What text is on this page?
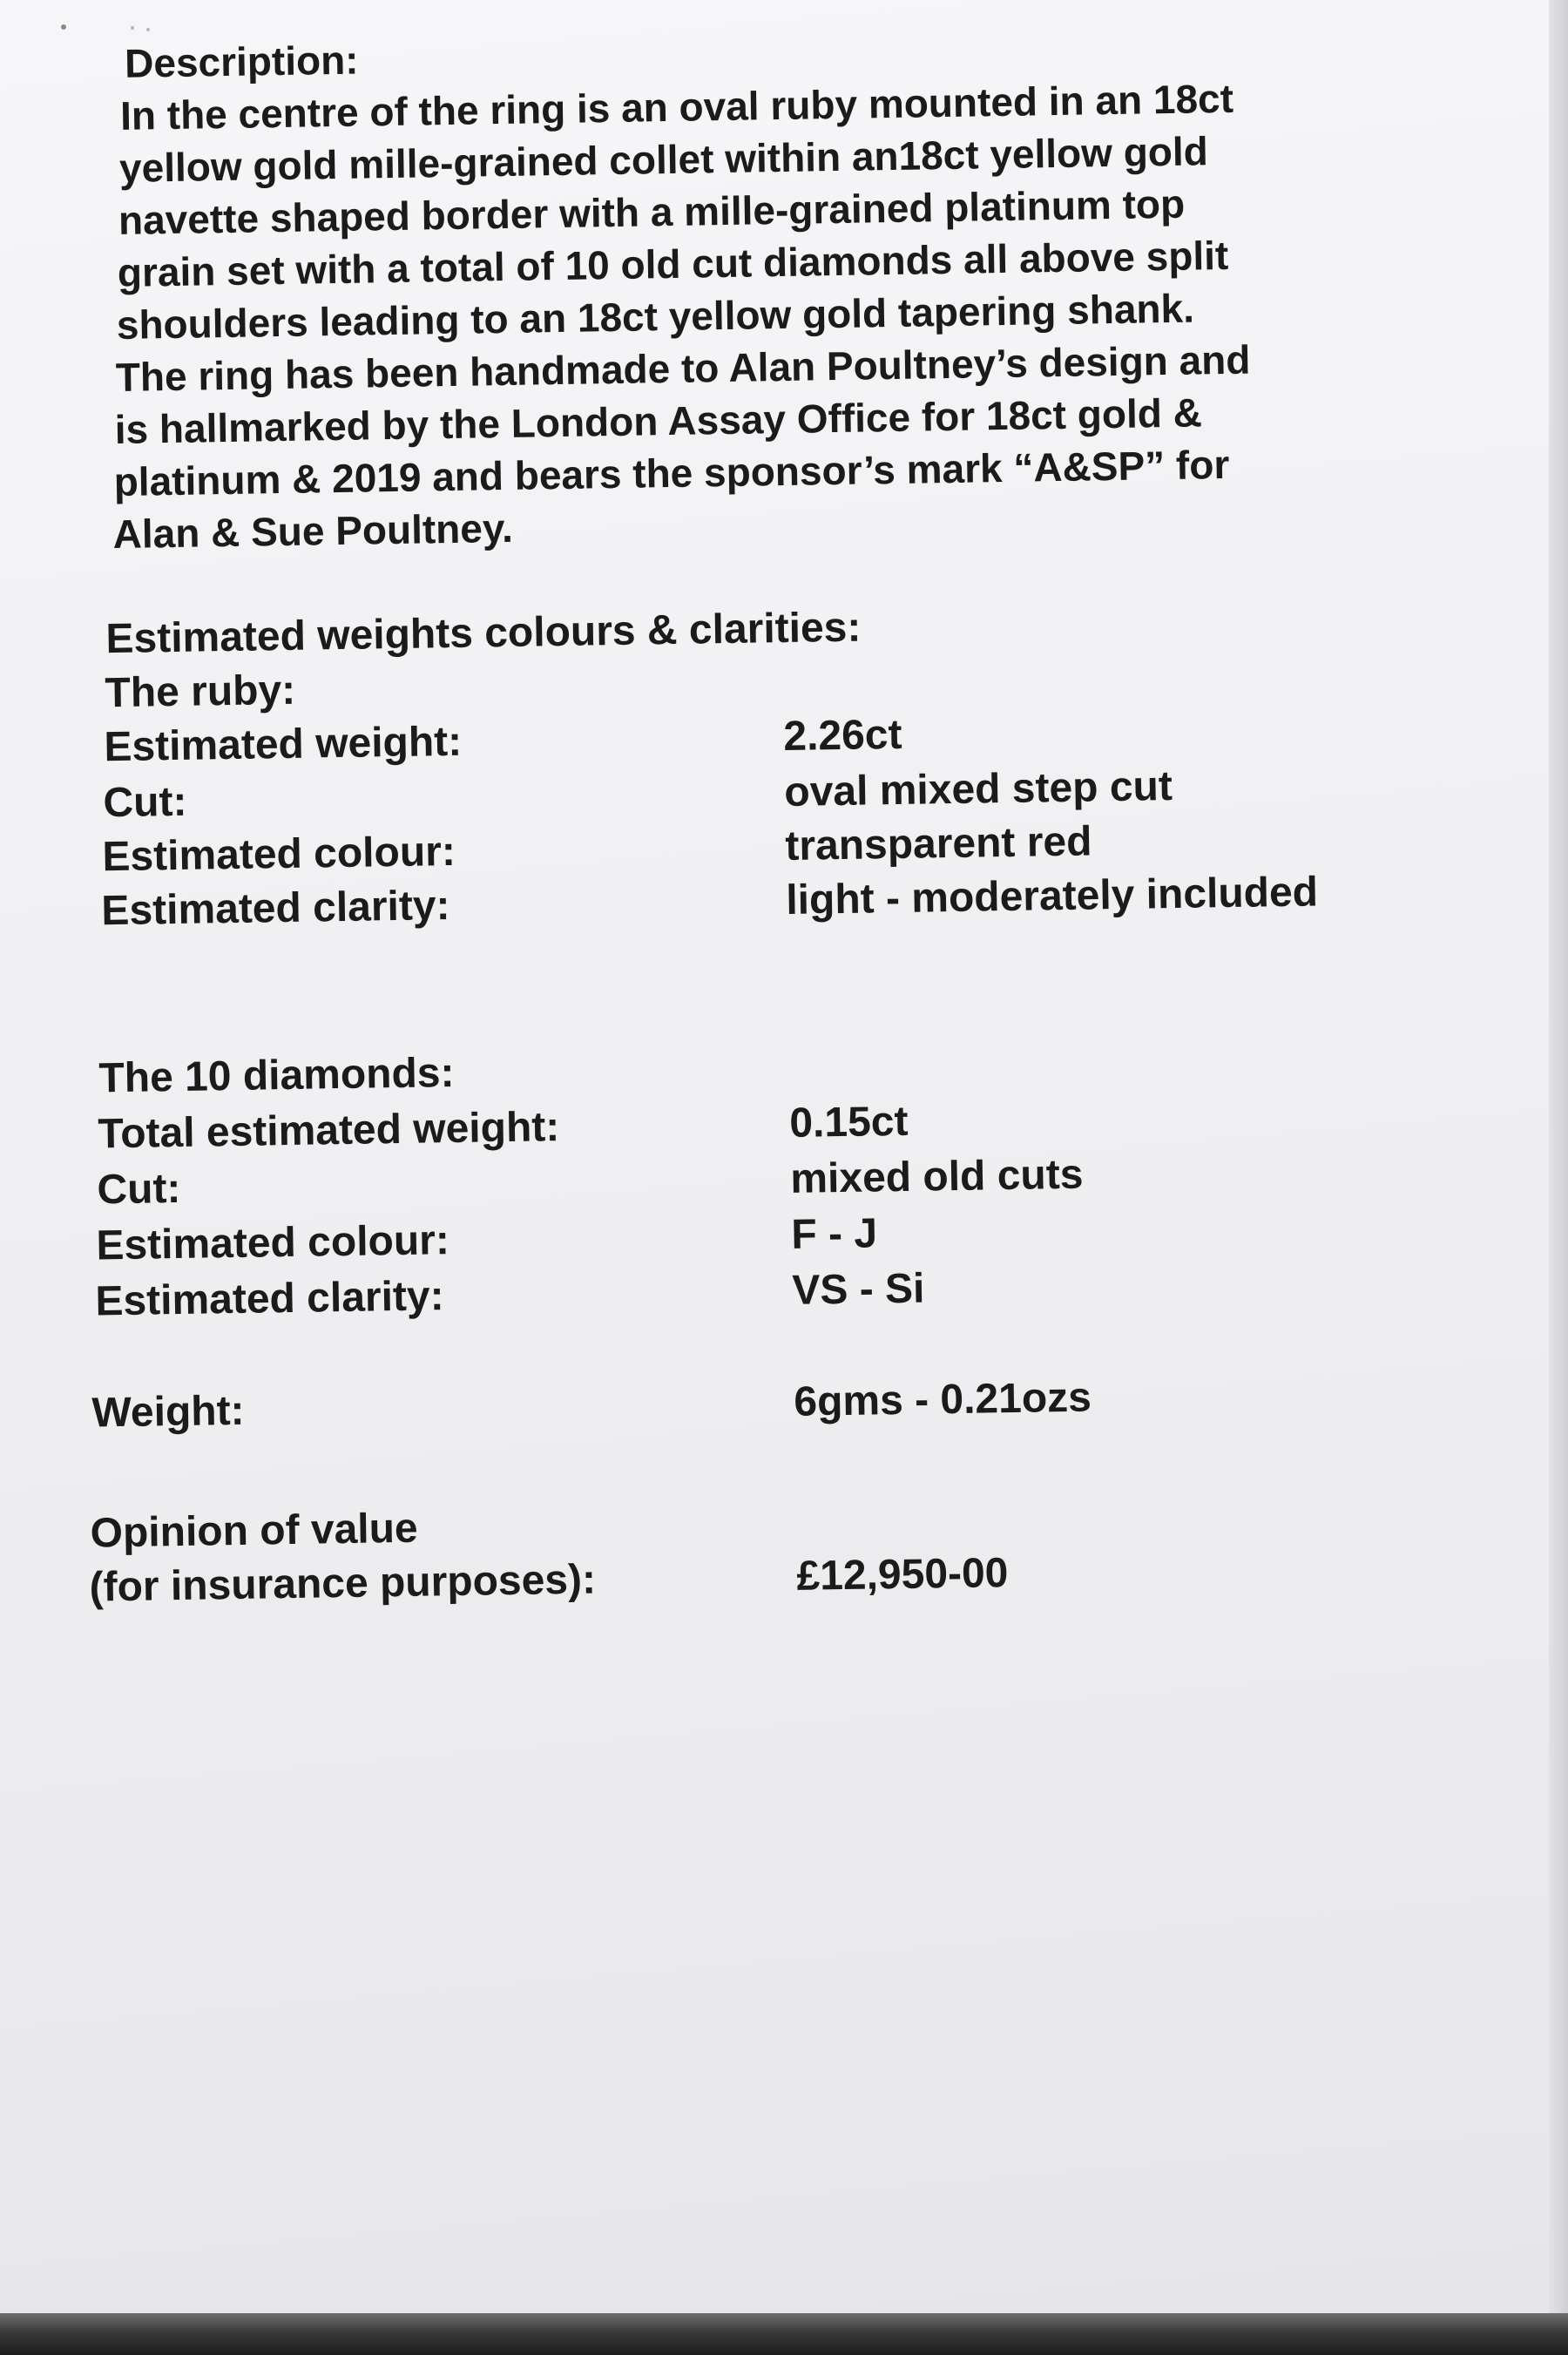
Description:
In the centre of the ring is an oval ruby mounted in an 18ct
yellow gold mille-grained collet within an18ct yellow gold
navette shaped border with a mille-grained platinum top
grain set with a total of 10 old cut diamonds all above split
shoulders leading to an 18ct yellow gold tapering shank.
The ring has been handmade to Alan Poultney’s design and
is hallmarked by the London Assay Office for 18ct gold &
platinum & 2019 and bears the sponsor’s mark “A&SP” for
Alan & Sue Poultney.
Estimated weights colours & clarities:
The ruby:
Estimated weight:	2.26ct
Cut:	oval mixed step cut
Estimated colour:	transparent red
Estimated clarity:	light - moderately included
The 10 diamonds:
Total estimated weight:	0.15ct
Cut:	mixed old cuts
Estimated colour:	F - J
Estimated clarity:	VS - Si
Weight:	6gms - 0.21ozs
Opinion of value
(for insurance purposes):	£12,950-00
